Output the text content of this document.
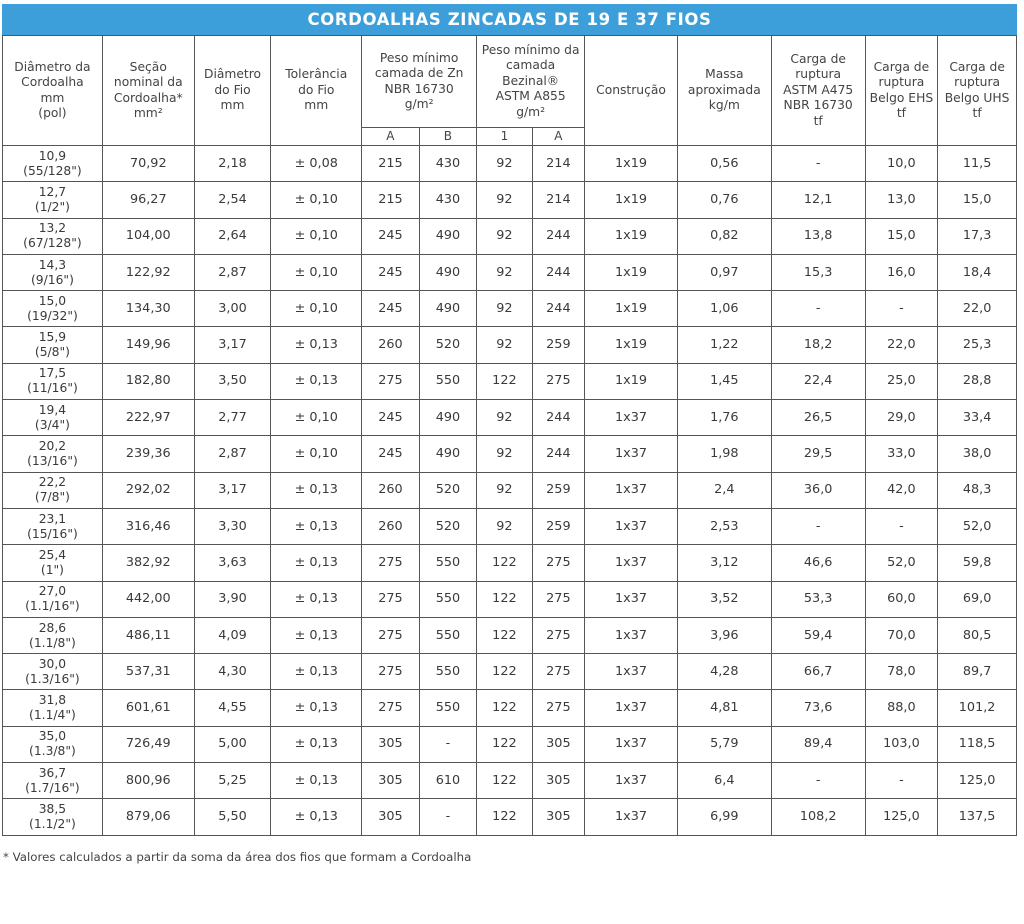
CORDOALHAS ZINCADAS DE 19 E 37 FIOS
Diâmetro da
Cordoalha
mm
(pol)	Seção
nominal da
Cordoalha*
mm²	Diâmetro
do Fio
mm	Tolerância
do Fio
mm	Peso mínimo
camada de Zn
NBR 16730
g/m²		Peso mínimo da
camada Bezinal®
ASTM A855
g/m²		Construção	Massa
aproximada
kg/m	Carga de
ruptura
ASTM A475
NBR 16730
tf	Carga de
ruptura
Belgo EHS
tf	Carga de
ruptura
Belgo UHS
tf
				A	B	1	A					
10,9
(55/128")	70,92	2,18	± 0,08	215	430	92	214	1x19	0,56	-	10,0	11,5
12,7
(1/2")	96,27	2,54	± 0,10	215	430	92	214	1x19	0,76	12,1	13,0	15,0
13,2
(67/128")	104,00	2,64	± 0,10	245	490	92	244	1x19	0,82	13,8	15,0	17,3
14,3
(9/16")	122,92	2,87	± 0,10	245	490	92	244	1x19	0,97	15,3	16,0	18,4
15,0
(19/32")	134,30	3,00	± 0,10	245	490	92	244	1x19	1,06	-	-	22,0
15,9
(5/8")	149,96	3,17	± 0,13	260	520	92	259	1x19	1,22	18,2	22,0	25,3
17,5
(11/16")	182,80	3,50	± 0,13	275	550	122	275	1x19	1,45	22,4	25,0	28,8
19,4
(3/4")	222,97	2,77	± 0,10	245	490	92	244	1x37	1,76	26,5	29,0	33,4
20,2
(13/16")	239,36	2,87	± 0,10	245	490	92	244	1x37	1,98	29,5	33,0	38,0
22,2
(7/8")	292,02	3,17	± 0,13	260	520	92	259	1x37	2,4	36,0	42,0	48,3
23,1
(15/16")	316,46	3,30	± 0,13	260	520	92	259	1x37	2,53	-	-	52,0
25,4
(1")	382,92	3,63	± 0,13	275	550	122	275	1x37	3,12	46,6	52,0	59,8
27,0
(1.1/16")	442,00	3,90	± 0,13	275	550	122	275	1x37	3,52	53,3	60,0	69,0
28,6
(1.1/8")	486,11	4,09	± 0,13	275	550	122	275	1x37	3,96	59,4	70,0	80,5
30,0
(1.3/16")	537,31	4,30	± 0,13	275	550	122	275	1x37	4,28	66,7	78,0	89,7
31,8
(1.1/4")	601,61	4,55	± 0,13	275	550	122	275	1x37	4,81	73,6	88,0	101,2
35,0
(1.3/8")	726,49	5,00	± 0,13	305	-	122	305	1x37	5,79	89,4	103,0	118,5
36,7
(1.7/16")	800,96	5,25	± 0,13	305	610	122	305	1x37	6,4	-	-	125,0
38,5
(1.1/2")	879,06	5,50	± 0,13	305	-	122	305	1x37	6,99	108,2	125,0	137,5
* Valores calculados a partir da soma da área dos fios que formam a Cordoalha
